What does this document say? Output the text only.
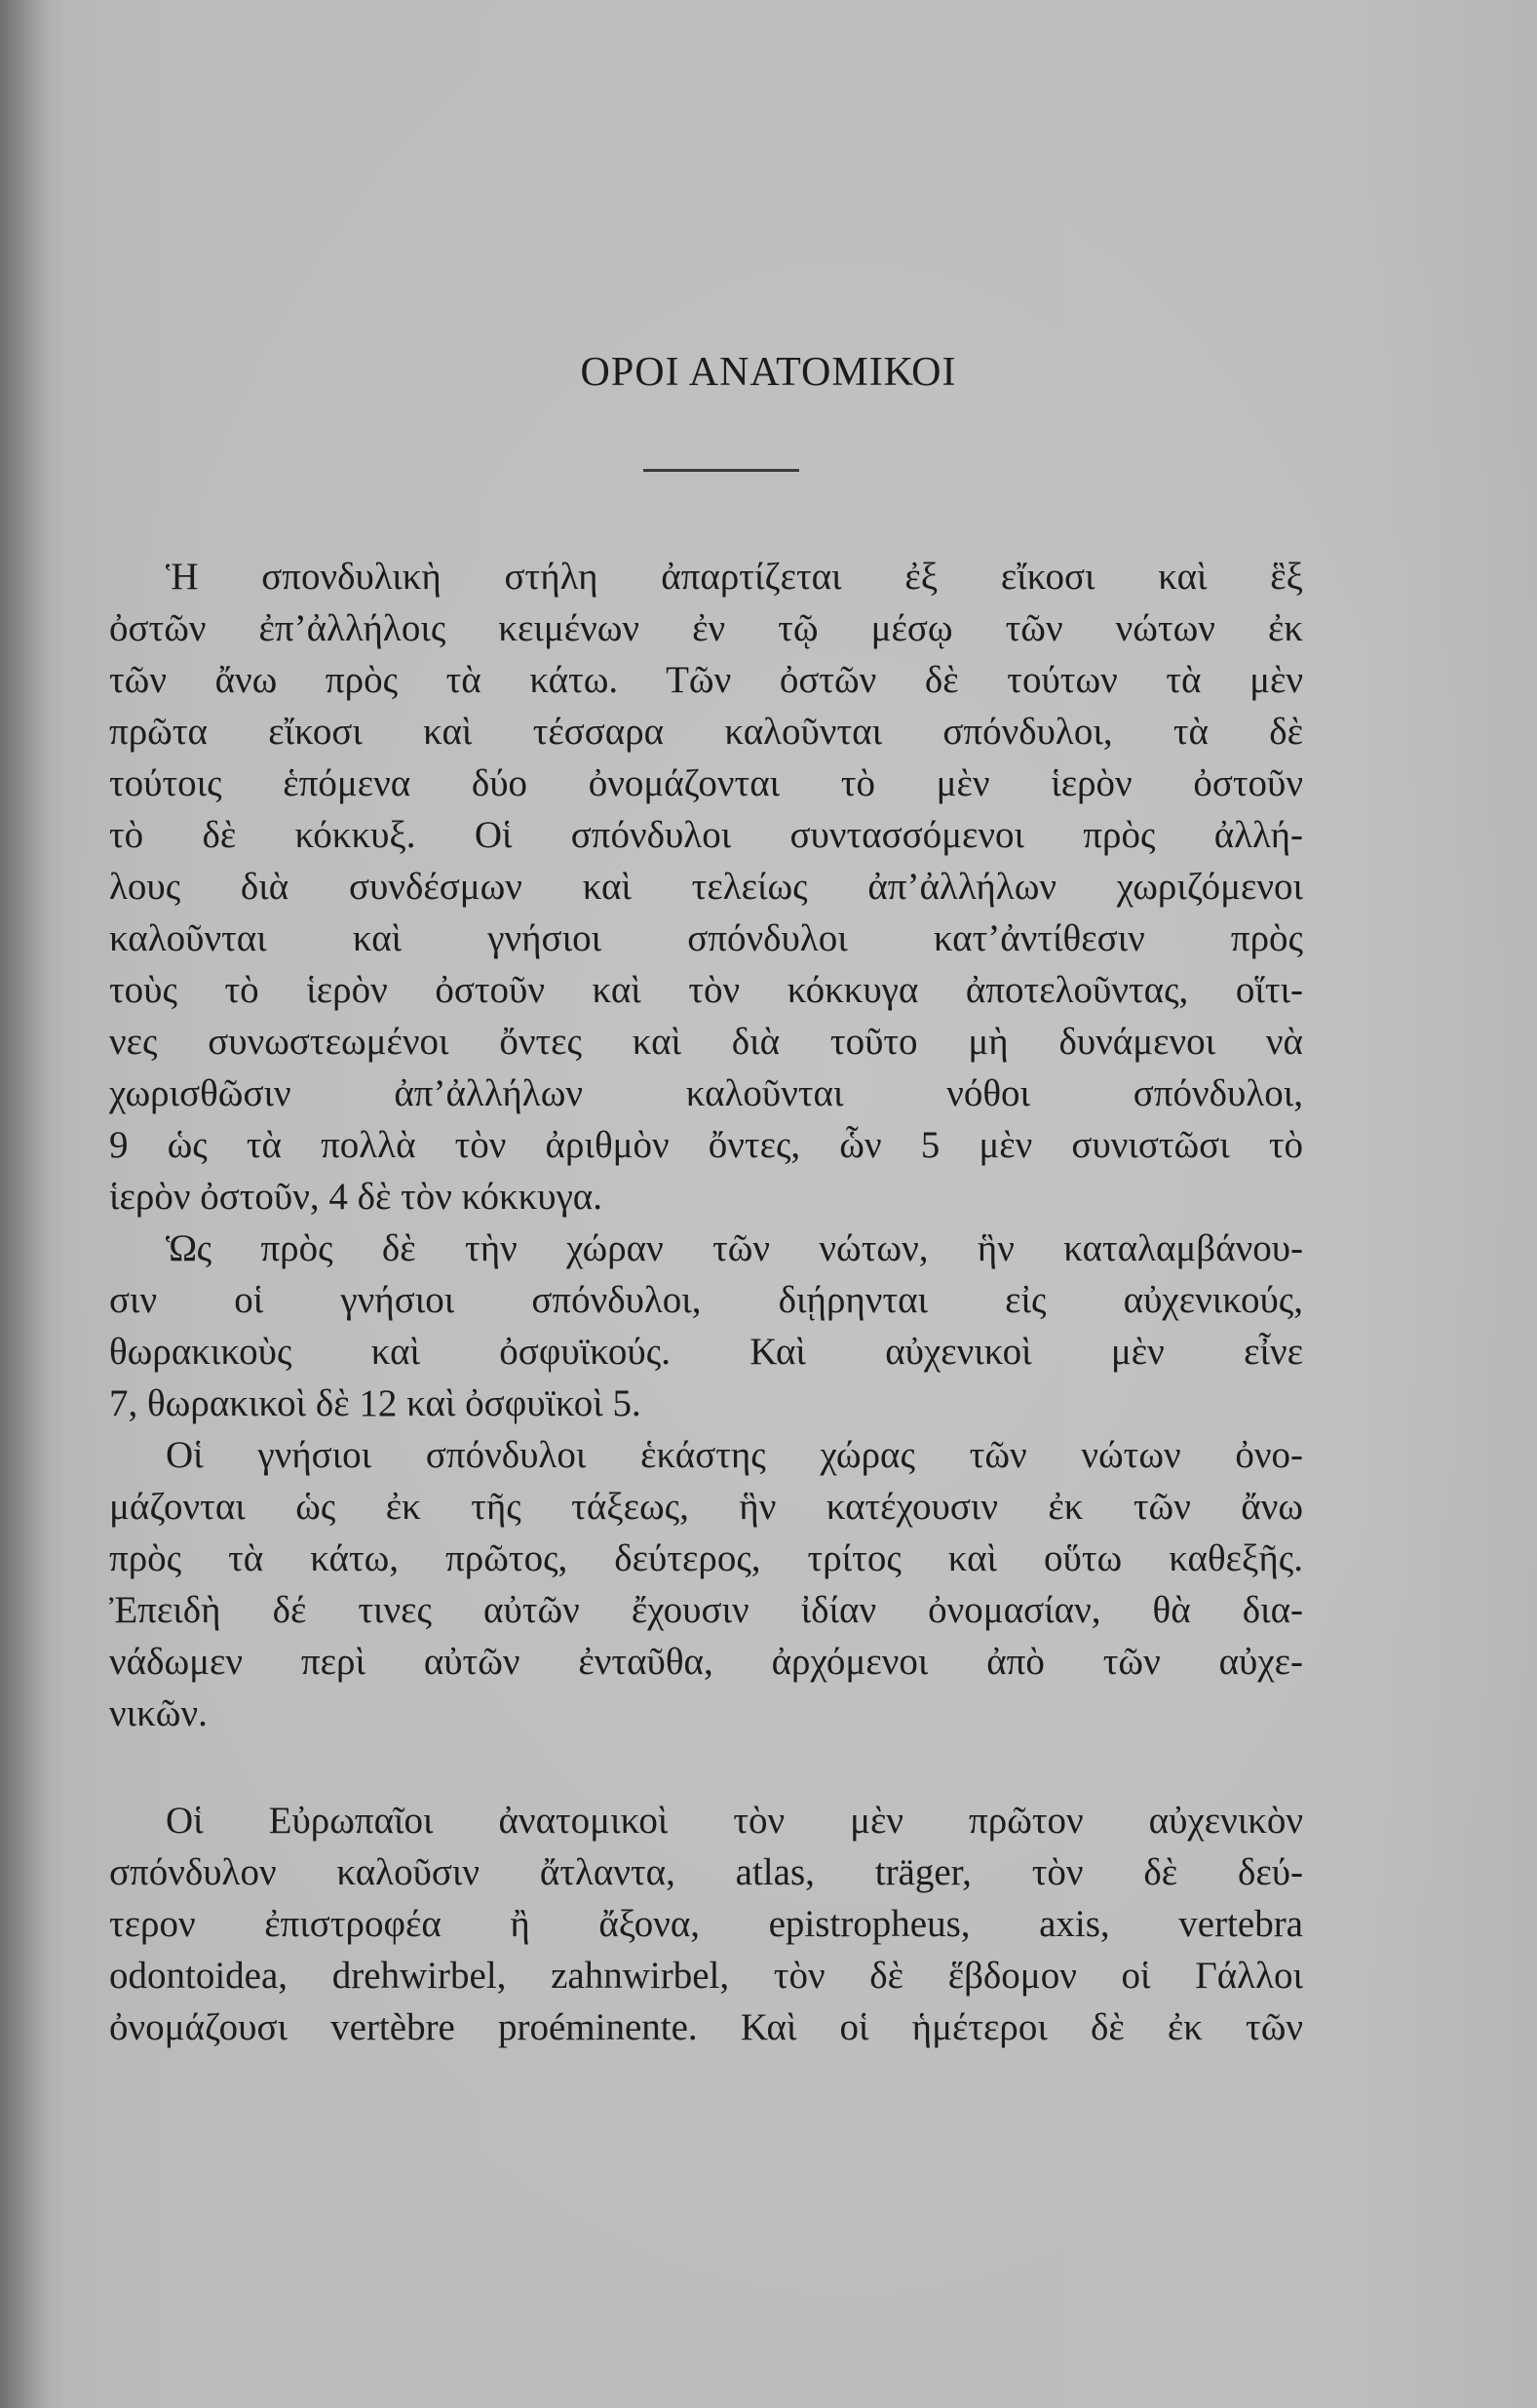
ΟΡΟΙ ΑΝΑΤΟΜΙΚΟΙ
Ἡ σπονδυλικὴ στήλη ἀπαρτίζεται ἐξ εἴκοσι καὶ ἓξ
ὀστῶν ἐπ’ἀλλήλοις κειμένων ἐν τῷ μέσῳ τῶν νώτων ἐκ
τῶν ἄνω πρὸς τὰ κάτω. Τῶν ὀστῶν δὲ τούτων τὰ μὲν
πρῶτα εἴκοσι καὶ τέσσαρα καλοῦνται σπόνδυλοι, τὰ δὲ
τούτοις ἑπόμενα δύο ὀνομάζονται τὸ μὲν ἱερὸν ὀστοῦν
τὸ δὲ κόκκυξ. Οἱ σπόνδυλοι συντασσόμενοι πρὸς ἀλλή-
λους διὰ συνδέσμων καὶ τελείως ἀπ’ἀλλήλων χωριζόμενοι
καλοῦνται καὶ γνήσιοι σπόνδυλοι κατ’ἀντίθεσιν πρὸς
τοὺς τὸ ἱερὸν ὀστοῦν καὶ τὸν κόκκυγα ἀποτελοῦντας, οἵτι-
νες συνωστεωμένοι ὄντες καὶ διὰ τοῦτο μὴ δυνάμενοι νὰ
χωρισθῶσιν ἀπ’ἀλλήλων καλοῦνται νόθοι σπόνδυλοι,
9 ὡς τὰ πολλὰ τὸν ἀριθμὸν ὄντες, ὧν 5 μὲν συνιστῶσι τὸ
ἱερὸν ὀστοῦν, 4 δὲ τὸν κόκκυγα.
Ὡς πρὸς δὲ τὴν χώραν τῶν νώτων, ἣν καταλαμβάνου-
σιν οἱ γνήσιοι σπόνδυλοι, διῄρηνται εἰς αὐχενικούς,
θωρακικοὺς καὶ ὀσφυϊκούς. Καὶ αὐχενικοὶ μὲν εἶνε
7, θωρακικοὶ δὲ 12 καὶ ὀσφυϊκοὶ 5.
Οἱ γνήσιοι σπόνδυλοι ἑκάστης χώρας τῶν νώτων ὀνο-
μάζονται ὡς ἐκ τῆς τάξεως, ἣν κατέχουσιν ἐκ τῶν ἄνω
πρὸς τὰ κάτω, πρῶτος, δεύτερος, τρίτος καὶ οὕτω καθεξῆς.
Ἐπειδὴ δέ τινες αὐτῶν ἔχουσιν ἰδίαν ὀνομασίαν, θὰ δια-
νάδωμεν περὶ αὐτῶν ἐνταῦθα, ἀρχόμενοι ἀπὸ τῶν αὐχε-
νικῶν.
Οἱ Εὐρωπαῖοι ἀνατομικοὶ τὸν μὲν πρῶτον αὐχενικὸν
σπόνδυλον καλοῦσιν ἄτλαντα, atlas, träger, τὸν δὲ δεύ-
τερον ἐπιστροφέα ἢ ἄξονα, epistropheus, axis, vertebra
odontoidea, drehwirbel, zahnwirbel, τὸν δὲ ἕβδομον οἱ Γάλλοι
ὀνομάζουσι vertèbre proéminente. Καὶ οἱ ἡμέτεροι δὲ ἐκ τῶν
